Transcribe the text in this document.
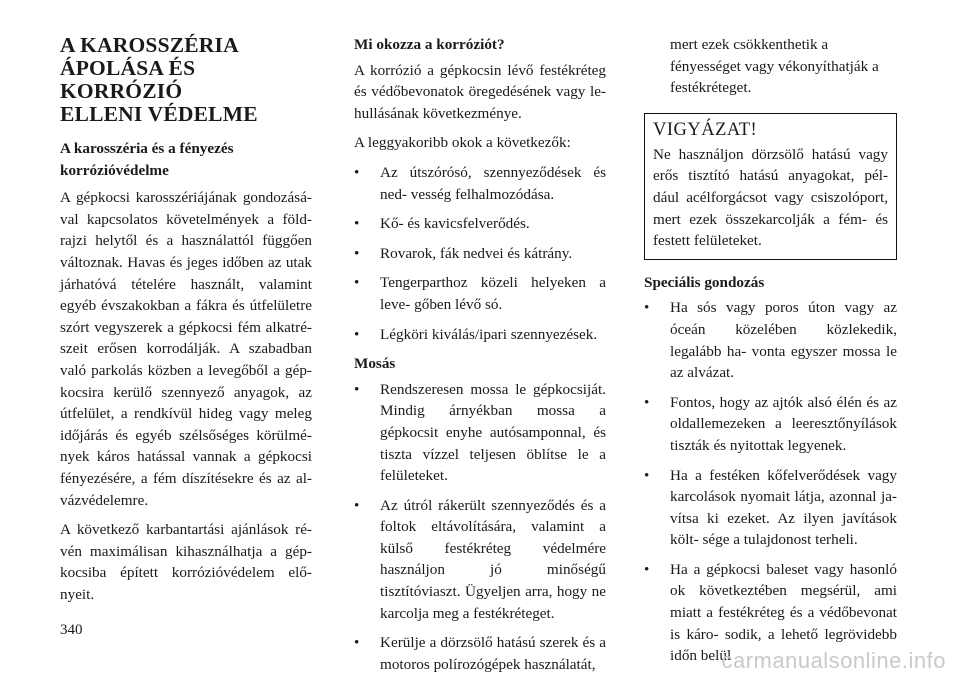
A KAROSSZÉRIA
ÁPOLÁSA ÉS KORRÓZIÓ
ELLENI VÉDELME
A karosszéria és a fényezés
korrózióvédelme

A gépkocsi karosszériájának gondozásá- val kapcsolatos követelmények a föld- rajzi helytől és a használattól függően változnak. Havas és jeges időben az utak járhatóvá tételére használt, valamint egyéb évszakokban a fákra és útfelületre szórt vegyszerek a gépkocsi fém alkatré- szeit erősen korrodálják. A szabadban való parkolás közben a levegőből a gép- kocsira kerülő szennyező anyagok, az útfelület, a rendkívül hideg vagy meleg időjárás és egyéb szélsőséges körülmé- nyek káros hatással vannak a gépkocsi fényezésére, a fém díszítésekre és az al- vázvédelemre.

A következő karbantartási ajánlások ré- vén maximálisan kihasználhatja a gép- kocsiba épített korrózióvédelem elő- nyeit.

Mi okozza a korróziót?

A korrózió a gépkocsin lévő festékréteg és védőbevonatok öregedésének vagy le- hullásának következménye.

A leggyakoribb okok a következők:

• Az útszórósó, szennyeződések és ned- vesség felhalmozódása.
• Kő- és kavicsfelverődés.
• Rovarok, fák nedvei és kátrány.
• Tengerparthoz közeli helyeken a leve- gőben lévő só.
• Légköri kiválás/ipari szennyezések.
Mosás
• Rendszeresen mossa le gépkocsiját. Mindig árnyékban mossa a gépkocsit enyhe autósamponnal, és tiszta vízzel teljesen öblítse le a felületeket.
• Az útról rákerült szennyeződés és a foltok eltávolítására, valamint a külső festékréteg védelmére használjon jó minőségű tisztítóviaszt. Ügyeljen arra, hogy ne karcolja meg a festékréteget.
• Kerülje a dörzsölő hatású szerek és a motoros polírozógépek használatát,

mert ezek csökkenthetik a fényességet vagy vékonyíthatják a festékréteget.

VIGYÁZAT!

Ne használjon dörzsölő hatású vagy erős tisztító hatású anyagokat, pél- dául acélforgácsot vagy csiszolóport, mert ezek összekarcolják a fém- és festett felületeket.

Speciális gondozás
• Ha sós vagy poros úton vagy az óceán közelében közlekedik, legalább ha- vonta egyszer mossa le az alvázat.
• Fontos, hogy az ajtók alsó élén és az oldallemezeken a leeresztőnyílások tiszták és nyitottak legyenek.
• Ha a festéken kőfelverődések vagy karcolások nyomait látja, azonnal ja- vítsa ki ezeket. Az ilyen javítások költ- sége a tulajdonost terheli.
• Ha a gépkocsi baleset vagy hasonló ok következtében megsérül, ami miatt a festékréteg és a védőbevonat is káro- sodik, a lehető legrövidebb időn belül
340
carmanualsonline.info
